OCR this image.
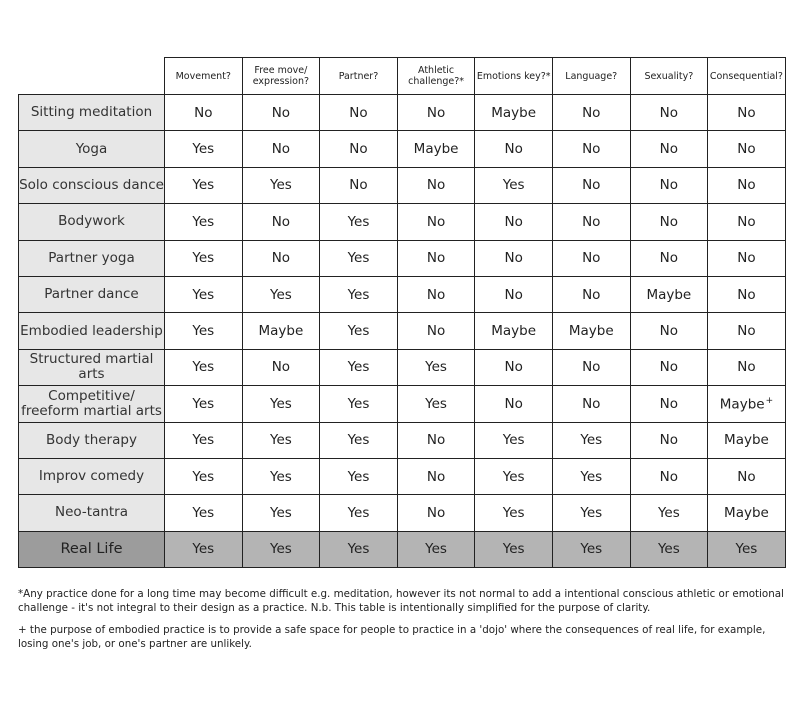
	Movement?	Free move/ expression?	Partner?	Athletic challenge?*	Emotions key?*	Language?	Sexuality?	Consequential?
Sitting meditation	No	No	No	No	Maybe	No	No	No
Yoga	Yes	No	No	Maybe	No	No	No	No
Solo conscious dance	Yes	Yes	No	No	Yes	No	No	No
Bodywork	Yes	No	Yes	No	No	No	No	No
Partner yoga	Yes	No	Yes	No	No	No	No	No
Partner dance	Yes	Yes	Yes	No	No	No	Maybe	No
Embodied leadership	Yes	Maybe	Yes	No	Maybe	Maybe	No	No
Structured martial arts	Yes	No	Yes	Yes	No	No	No	No
Competitive/ freeform martial arts	Yes	Yes	Yes	Yes	No	No	No	Maybe+
Body therapy	Yes	Yes	Yes	No	Yes	Yes	No	Maybe
Improv comedy	Yes	Yes	Yes	No	Yes	Yes	No	No
Neo-tantra	Yes	Yes	Yes	No	Yes	Yes	Yes	Maybe
Real Life	Yes	Yes	Yes	Yes	Yes	Yes	Yes	Yes
*Any practice done for a long time may become difficult e.g. meditation, however its not normal to add a intentional conscious athletic or emotional challenge - it's not integral to their design as a practice. N.b. This table is intentionally simplified for the purpose of clarity.
+ the purpose of embodied practice is to provide a safe space for people to practice in a 'dojo' where the consequences of real life, for example, losing one's job, or one's partner are unlikely.
